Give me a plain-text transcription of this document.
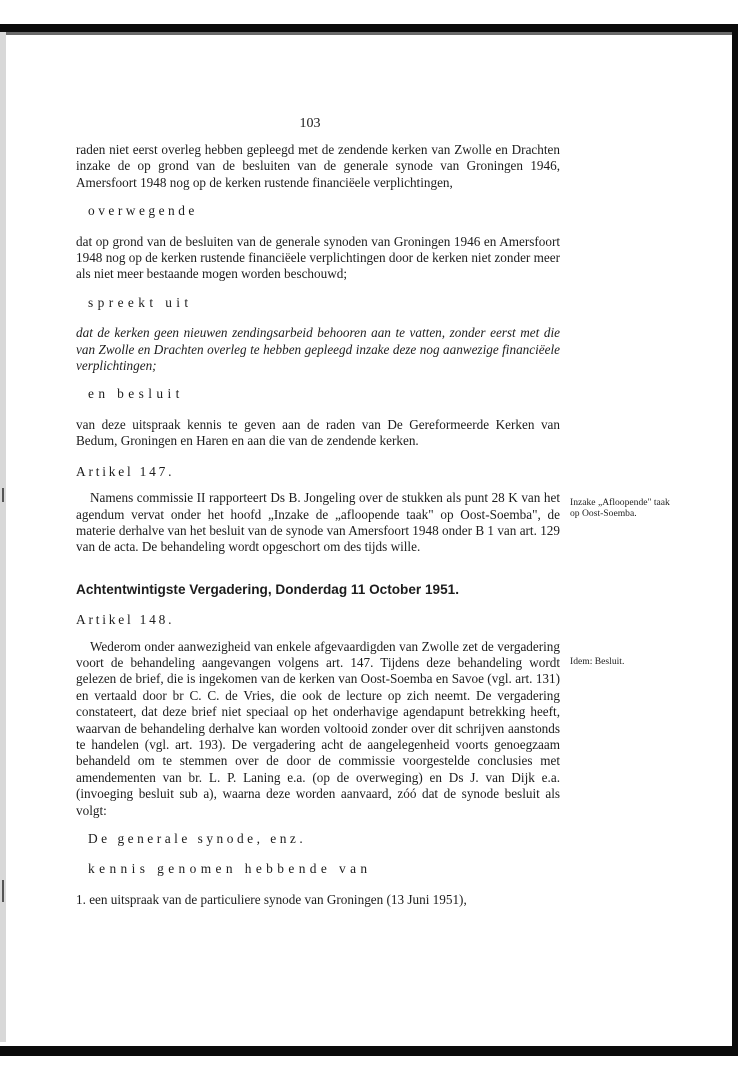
103

raden niet eerst overleg hebben gepleegd met de zendende kerken van Zwolle en Drachten inzake de op grond van de besluiten van de generale synode van Groningen 1946, Amersfoort 1948 nog op de kerken rustende financiëele verplichtingen,

overwegende

dat op grond van de besluiten van de generale synoden van Groningen 1946 en Amersfoort 1948 nog op de kerken rustende financiëele verplichtingen door de kerken niet zonder meer als niet meer bestaande mogen worden beschouwd;

spreekt uit

dat de kerken geen nieuwen zendingsarbeid behooren aan te vatten, zonder eerst met die van Zwolle en Drachten overleg te hebben gepleegd inzake deze nog aanwezige financiëele verplichtingen;

en besluit

van deze uitspraak kennis te geven aan de raden van De Gereformeerde Kerken van Bedum, Groningen en Haren en aan die van de zendende kerken.

Artikel 147.

Namens commissie II rapporteert Ds B. Jongeling over de stukken als punt 28 K van het agendum vervat onder het hoofd „Inzake de „afloopende taak" op Oost-Soemba", de materie derhalve van het besluit van de synode van Amersfoort 1948 onder B 1 van art. 129 van de acta. De behandeling wordt opgeschort om des tijds wille.

Achtentwintigste Vergadering, Donderdag 11 October 1951.

Artikel 148.

Wederom onder aanwezigheid van enkele afgevaardigden van Zwolle zet de vergadering voort de behandeling aangevangen volgens art. 147. Tijdens deze behandeling wordt gelezen de brief, die is ingekomen van de kerken van Oost-Soemba en Savoe (vgl. art. 131) en vertaald door br C. C. de Vries, die ook de lecture op zich neemt. De vergadering constateert, dat deze brief niet speciaal op het onderhavige agendapunt betrekking heeft, waarvan de behandeling derhalve kan worden voltooid zonder over dit schrijven aanstonds te handelen (vgl. art. 193). De vergadering acht de aangelegenheid voorts genoegzaam behandeld om te stemmen over de door de commissie voorgestelde conclusies met amendementen van br. L. P. Laning e.a. (op de overweging) en Ds J. van Dijk e.a. (invoeging besluit sub a), waarna deze worden aanvaard, zóó dat de synode besluit als volgt:

De generale synode, enz.

kennis genomen hebbende van

1. een uitspraak van de particuliere synode van Groningen (13 Juni 1951),

Inzake „Afloopende" taak op Oost-Soemba.
Idem: Besluit.
